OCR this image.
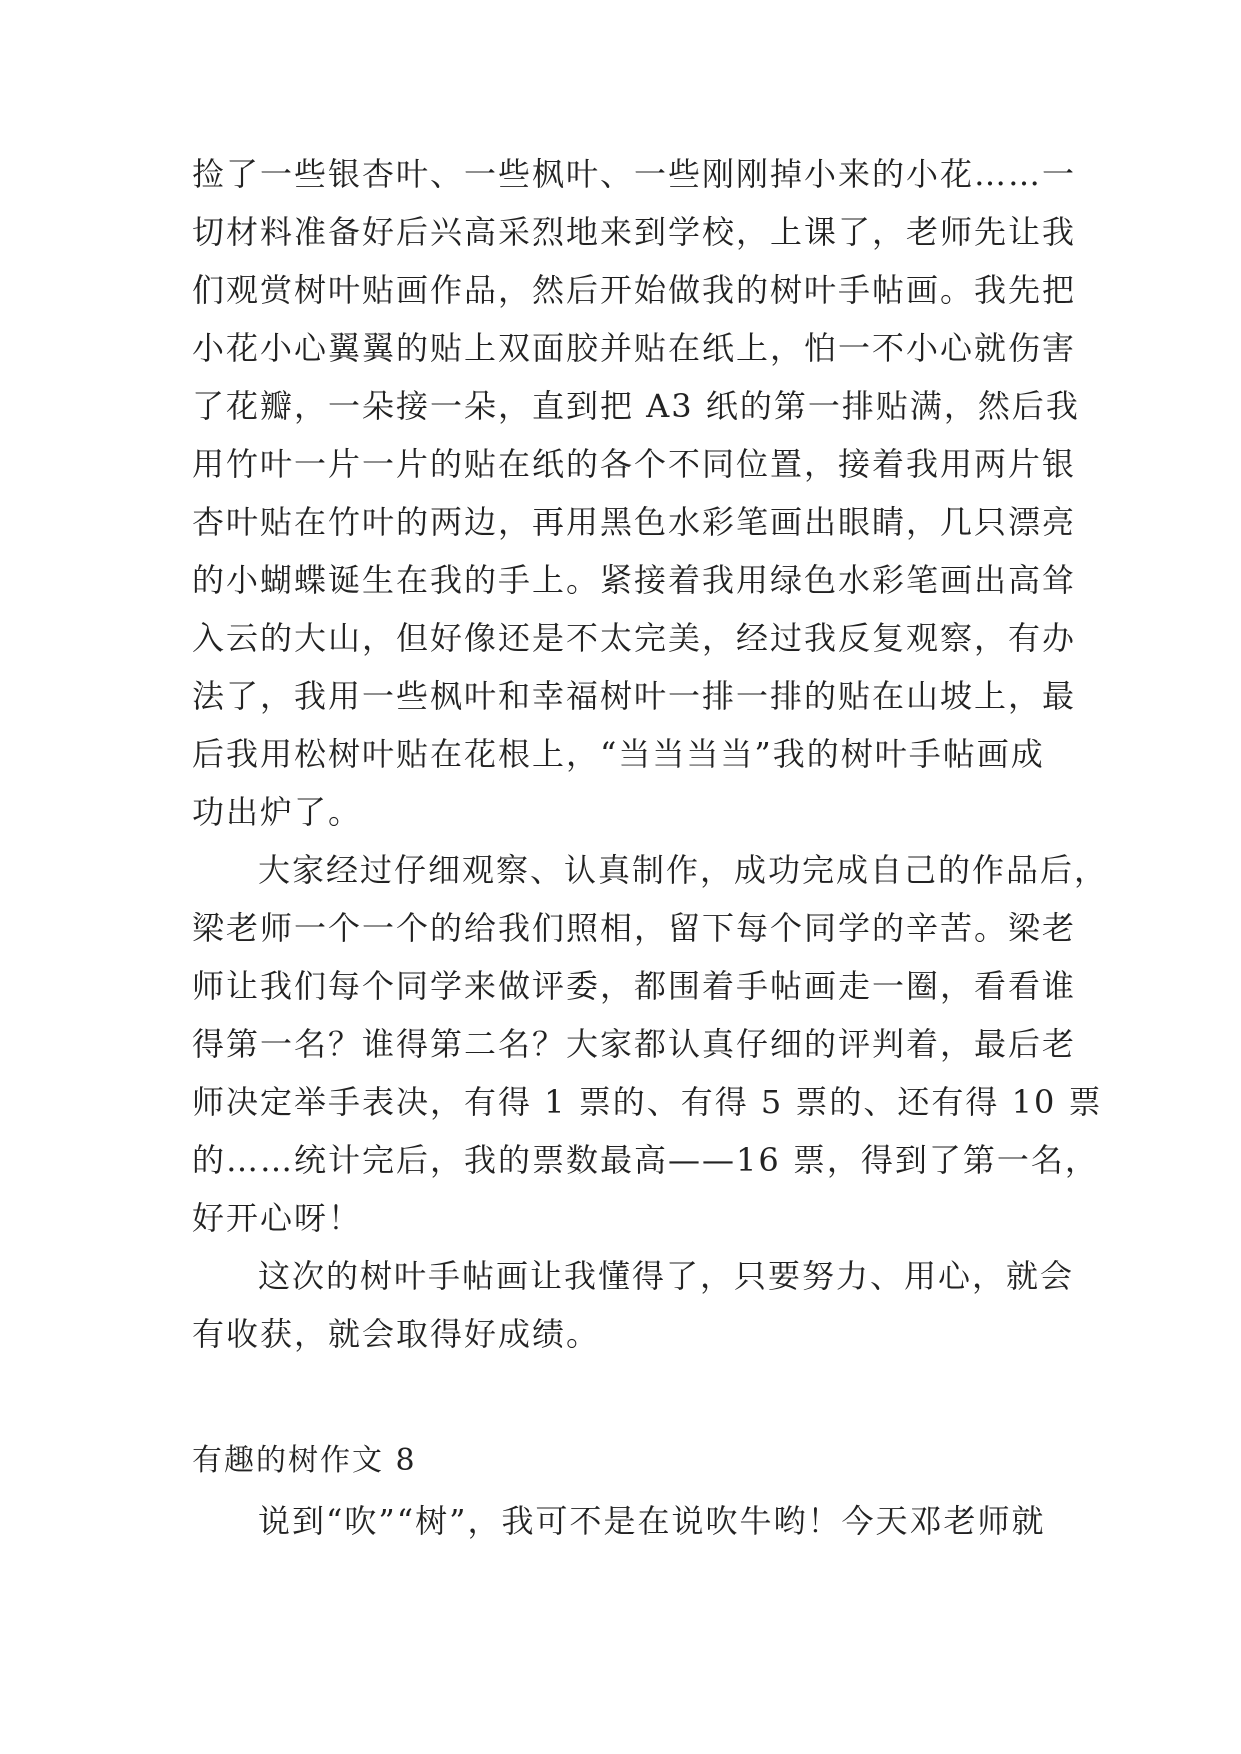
捡了一些银杏叶、一些枫叶、一些刚刚掉小来的小花……一
切材料准备好后兴高采烈地来到学校，上课了，老师先让我
们观赏树叶贴画作品，然后开始做我的树叶手帖画。我先把
小花小心翼翼的贴上双面胶并贴在纸上，怕一不小心就伤害
了花瓣，一朵接一朵，直到把 A3 纸的第一排贴满，然后我
用竹叶一片一片的贴在纸的各个不同位置，接着我用两片银
杏叶贴在竹叶的两边，再用黑色水彩笔画出眼睛，几只漂亮
的小蝴蝶诞生在我的手上。紧接着我用绿色水彩笔画出高耸
入云的大山，但好像还是不太完美，经过我反复观察，有办
法了，我用一些枫叶和幸福树叶一排一排的贴在山坡上，最
后我用松树叶贴在花根上，“当当当当”我的树叶手帖画成
功出炉了。
大家经过仔细观察、认真制作，成功完成自己的作品后，
梁老师一个一个的给我们照相，留下每个同学的辛苦。梁老
师让我们每个同学来做评委，都围着手帖画走一圈，看看谁
得第一名？谁得第二名？大家都认真仔细的评判着，最后老
师决定举手表决，有得 1 票的、有得 5 票的、还有得 10 票
的……统计完后，我的票数最高——16 票，得到了第一名，
好开心呀！
这次的树叶手帖画让我懂得了，只要努力、用心，就会
有收获，就会取得好成绩。
有趣的树作文 8
说到“吹”“树”，我可不是在说吹牛哟！今天邓老师就
